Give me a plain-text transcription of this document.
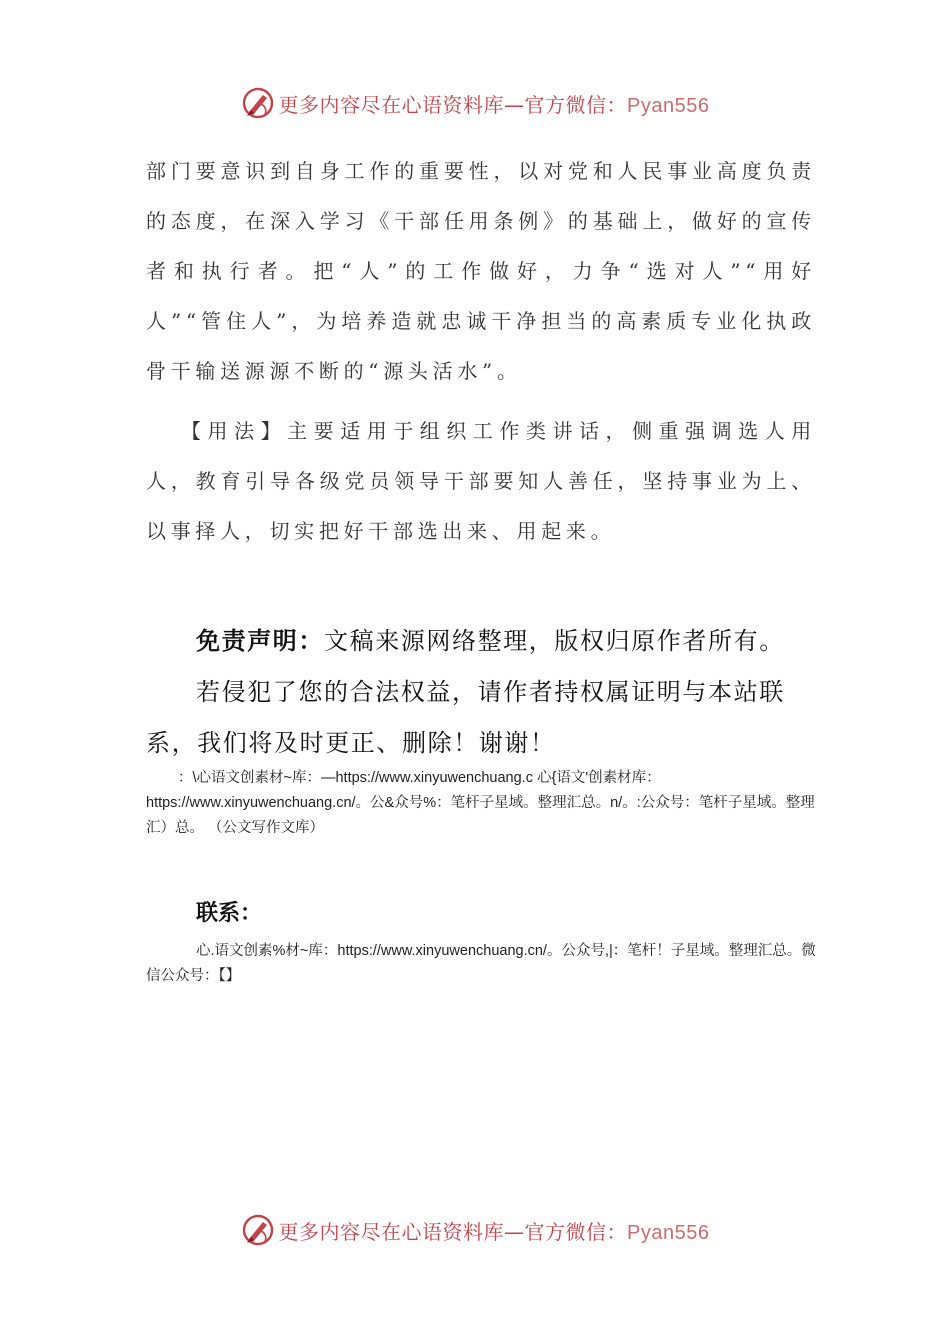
更多内容尽在心语资料库—官方微信：Pyan556

部门要意识到自身工作的重要性，以对党和人民事业高度负责的态度，在深入学习《干部任用条例》的基础上，做好的宣传者和执行者。把“人”的工作做好，力争“选对人”“用好人”“管住人”，为培养造就忠诚干净担当的高素质专业化执政骨干输送源源不断的“源头活水”。

【用法】主要适用于组织工作类讲话，侧重强调选人用人，教育引导各级党员领导干部要知人善任，坚持事业为上、以事择人，切实把好干部选出来、用起来。

免责声明：文稿来源网络整理，版权归原作者所有。

若侵犯了您的合法权益，请作者持权属证明与本站联系，我们将及时更正、删除！谢谢！

：\心语文创素材~库：—https://www.xinyuwenchuang.c 心{语文'创素材库：https://www.xinyuwenchuang.cn/。公&众号%：笔杆子星域。整理汇总。n/。:公众号：笔杆子星域。整理汇）总。 （公文写作文库）

联系：

心.语文创素%材~库：https://www.xinyuwenchuang.cn/。公众号,|：笔杆！子星域。整理汇总。微信公众号：【】

更多内容尽在心语资料库—官方微信：Pyan556
